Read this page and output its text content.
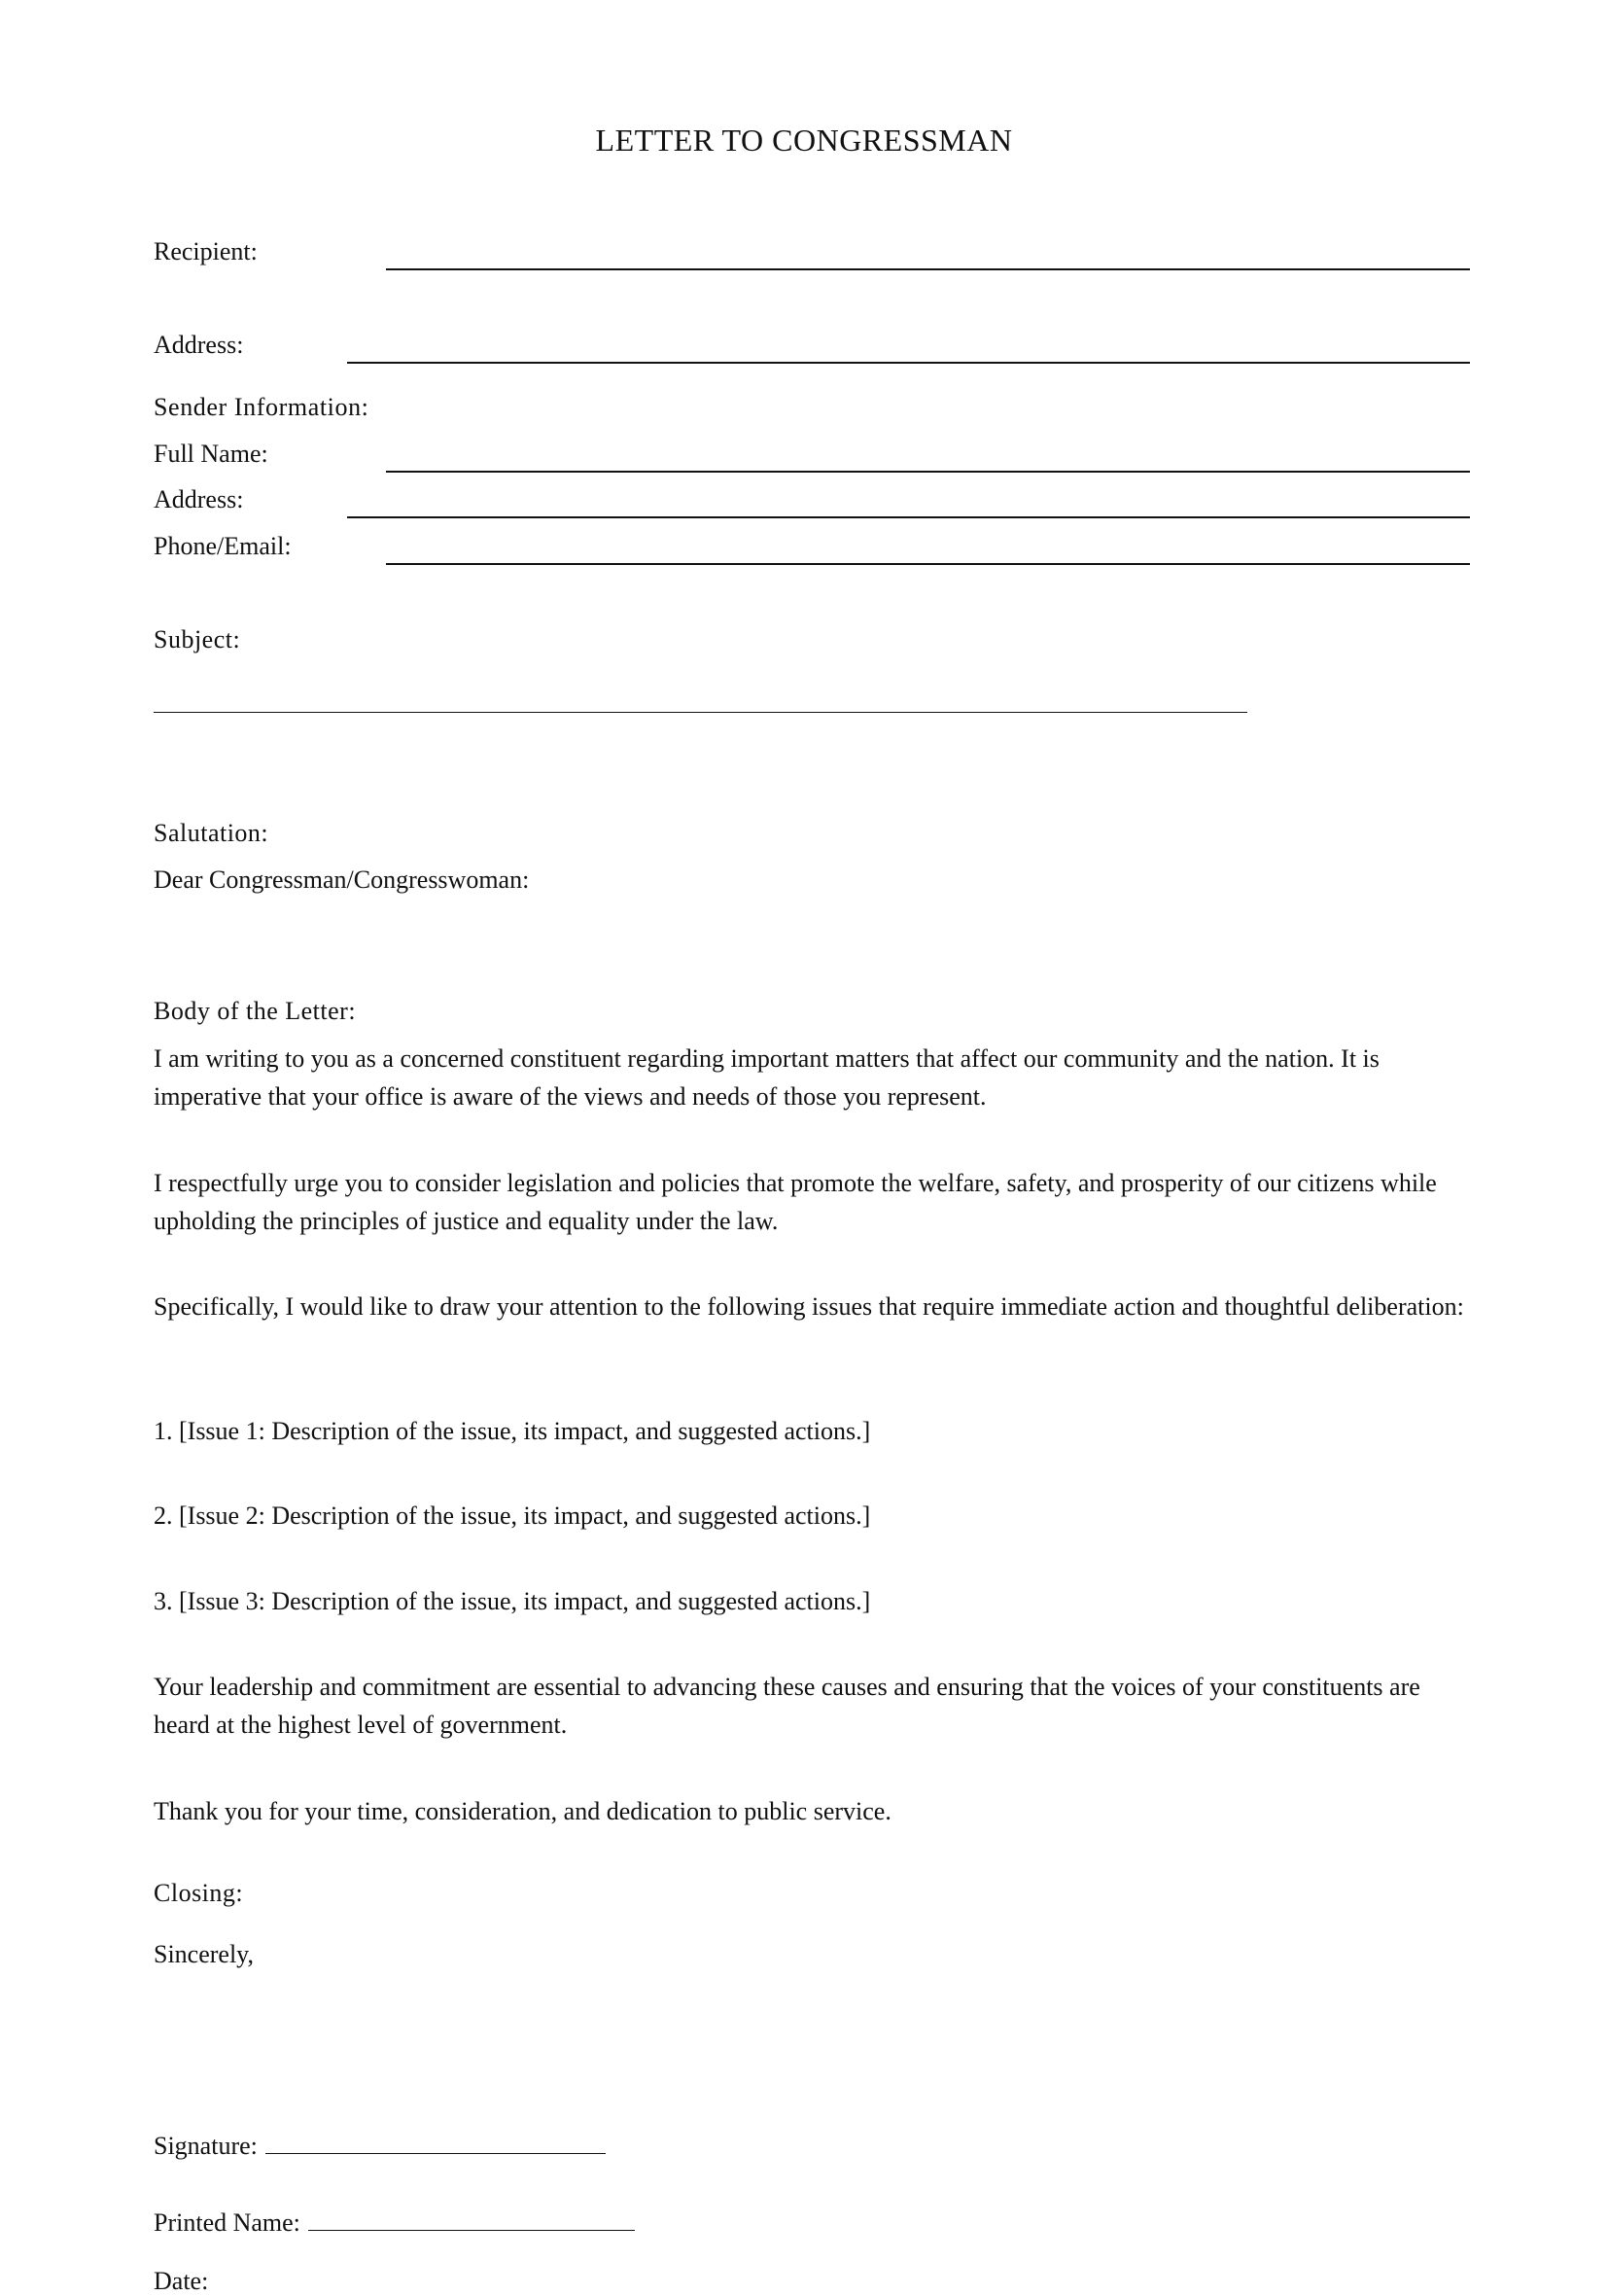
LETTER TO CONGRESSMAN
Recipient:
Address:
Sender Information:
Full Name:
Address:
Phone/Email:
Subject:
Salutation:
Dear Congressman/Congresswoman:
Body of the Letter:
I am writing to you as a concerned constituent regarding important matters that affect our community and the nation. It is imperative that your office is aware of the views and needs of those you represent.
I respectfully urge you to consider legislation and policies that promote the welfare, safety, and prosperity of our citizens while upholding the principles of justice and equality under the law.
Specifically, I would like to draw your attention to the following issues that require immediate action and thoughtful deliberation:
1. [Issue 1: Description of the issue, its impact, and suggested actions.]
2. [Issue 2: Description of the issue, its impact, and suggested actions.]
3. [Issue 3: Description of the issue, its impact, and suggested actions.]
Your leadership and commitment are essential to advancing these causes and ensuring that the voices of your constituents are heard at the highest level of government.
Thank you for your time, consideration, and dedication to public service.
Closing:
Sincerely,
Signature:
Printed Name:
Date:
